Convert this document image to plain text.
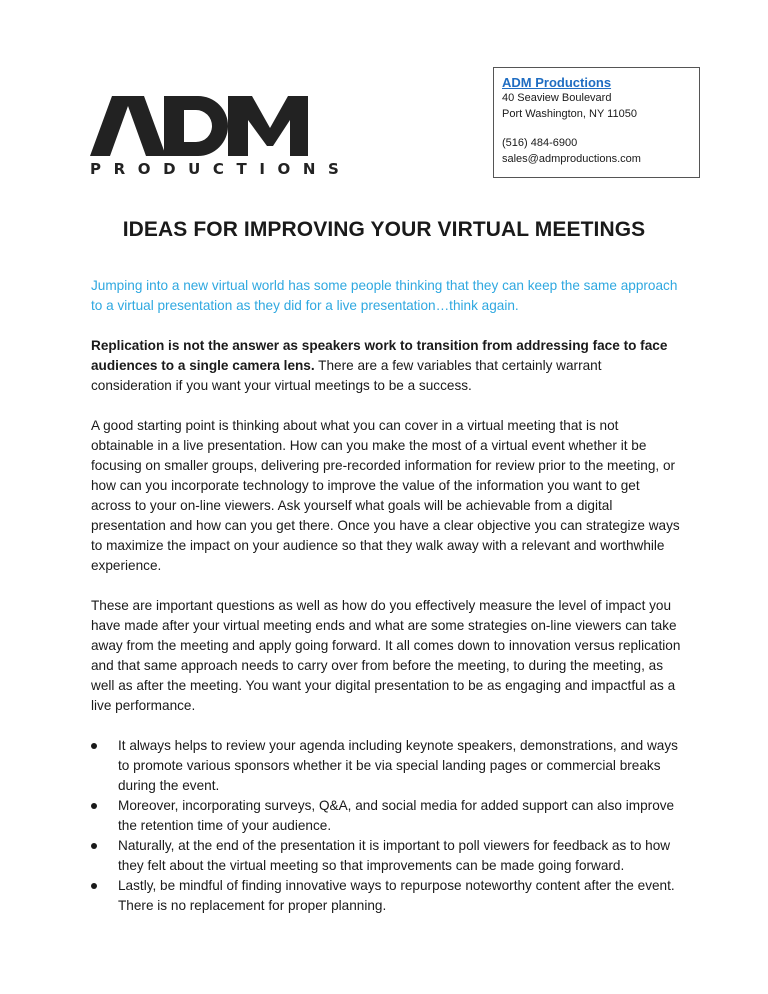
PRODUCTIONS
ADM Productions
40 Seaview Boulevard
Port Washington, NY 11050
(516) 484-6900
sales@admproductions.com
IDEAS FOR IMPROVING YOUR VIRTUAL MEETINGS

Jumping into a new virtual world has some people thinking that they can keep the same approach to a virtual presentation as they did for a live presentation…think again.

Replication is not the answer as speakers work to transition from addressing face to face audiences to a single camera lens. There are a few variables that certainly warrant consideration if you want your virtual meetings to be a success.

A good starting point is thinking about what you can cover in a virtual meeting that is not obtainable in a live presentation. How can you make the most of a virtual event whether it be focusing on smaller groups, delivering pre-recorded information for review prior to the meeting, or how can you incorporate technology to improve the value of the information you want to get across to your on-line viewers. Ask yourself what goals will be achievable from a digital presentation and how can you get there. Once you have a clear objective you can strategize ways to maximize the impact on your audience so that they walk away with a relevant and worthwhile experience.

These are important questions as well as how do you effectively measure the level of impact you have made after your virtual meeting ends and what are some strategies on-line viewers can take away from the meeting and apply going forward. It all comes down to innovation versus replication and that same approach needs to carry over from before the meeting, to during the meeting, as well as after the meeting. You want your digital presentation to be as engaging and impactful as a live performance.

It always helps to review your agenda including keynote speakers, demonstrations, and ways to promote various sponsors whether it be via special landing pages or commercial breaks during the event.
Moreover, incorporating surveys, Q&A, and social media for added support can also improve the retention time of your audience.
Naturally, at the end of the presentation it is important to poll viewers for feedback as to how they felt about the virtual meeting so that improvements can be made going forward.
Lastly, be mindful of finding innovative ways to repurpose noteworthy content after the event. There is no replacement for proper planning.
